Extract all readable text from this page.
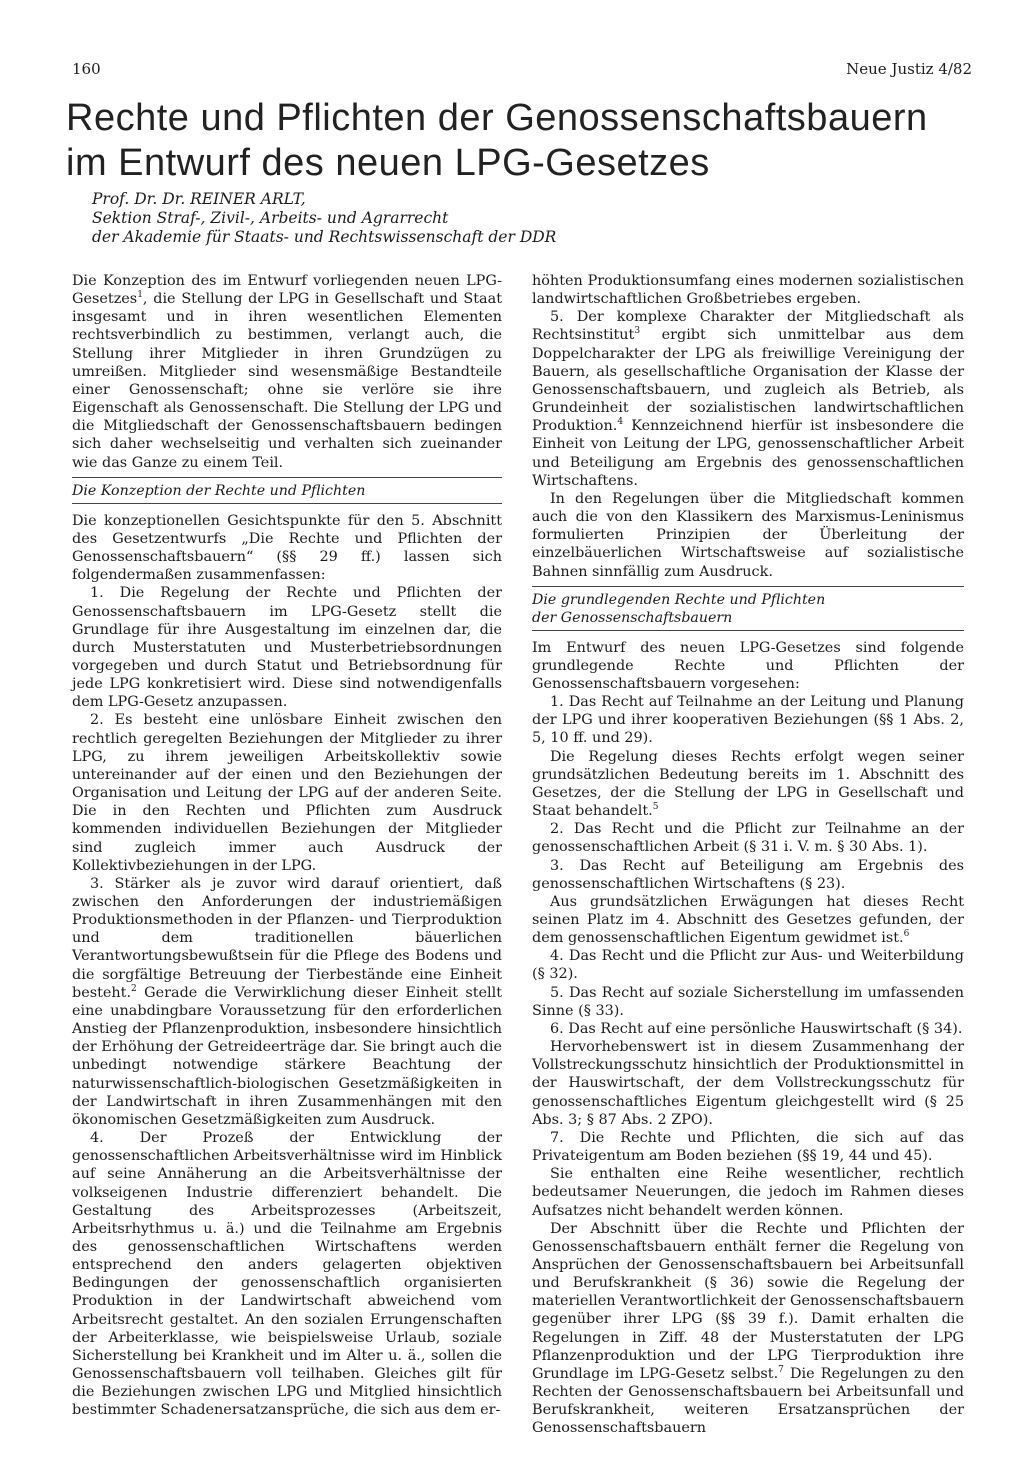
160	Neue Justiz 4/82
Rechte und Pflichten der Genossenschaftsbauern
im Entwurf des neuen LPG-Gesetzes
Prof. Dr. Dr. REINER ARLT,
Sektion Straf-, Zivil-, Arbeits- und Agrarrecht
der Akademie für Staats- und Rechtswissenschaft der DDR

Die Konzeption des im Entwurf vorliegenden neuen LPG-Gesetzes$^1$, die Stellung der LPG in Gesellschaft und Staat insgesamt und in ihren wesentlichen Elementen rechtsverbindlich zu bestimmen, verlangt auch, die Stellung ihrer Mitglieder in ihren Grundzügen zu umreißen. Mitglieder sind wesensmäßige Bestandteile einer Genossenschaft; ohne sie verlöre sie ihre Eigenschaft als Genossenschaft. Die Stellung der LPG und die Mitgliedschaft der Genossenschaftsbauern bedingen sich daher wechselseitig und verhalten sich zueinander wie das Ganze zu einem Teil.

Die Konzeption der Rechte und Pflichten

Die konzeptionellen Gesichtspunkte für den 5. Abschnitt des Gesetzentwurfs „Die Rechte und Pflichten der Genossenschaftsbauern“ (§§ 29 ff.) lassen sich folgendermaßen zusammenfassen:

1. Die Regelung der Rechte und Pflichten der Genossenschaftsbauern im LPG-Gesetz stellt die Grundlage für ihre Ausgestaltung im einzelnen dar, die durch Musterstatuten und Musterbetriebsordnungen vorgegeben und durch Statut und Betriebsordnung für jede LPG konkretisiert wird. Diese sind notwendigenfalls dem LPG-Gesetz anzupassen.

2. Es besteht eine unlösbare Einheit zwischen den rechtlich geregelten Beziehungen der Mitglieder zu ihrer LPG, zu ihrem jeweiligen Arbeitskollektiv sowie untereinander auf der einen und den Beziehungen der Organisation und Leitung der LPG auf der anderen Seite. Die in den Rechten und Pflichten zum Ausdruck kommenden individuellen Beziehungen der Mitglieder sind zugleich immer auch Ausdruck der Kollektivbeziehungen in der LPG.

3. Stärker als je zuvor wird darauf orientiert, daß zwischen den Anforderungen der industriemäßigen Produktionsmethoden in der Pflanzen- und Tierproduktion und dem traditionellen bäuerlichen Verantwortungsbewußtsein für die Pflege des Bodens und die sorgfältige Betreuung der Tierbestände eine Einheit besteht.$^2$ Gerade die Verwirklichung dieser Einheit stellt eine unabdingbare Voraussetzung für den erforderlichen Anstieg der Pflanzenproduktion, insbesondere hinsichtlich der Erhöhung der Getreideerträge dar. Sie bringt auch die unbedingt notwendige stärkere Beachtung der naturwissenschaftlich-biologischen Gesetzmäßigkeiten in der Landwirtschaft in ihren Zusammenhängen mit den ökonomischen Gesetzmäßigkeiten zum Ausdruck.

4. Der Prozeß der Entwicklung der genossenschaftlichen Arbeitsverhältnisse wird im Hinblick auf seine Annäherung an die Arbeitsverhältnisse der volkseigenen Industrie differenziert behandelt. Die Gestaltung des Arbeitsprozesses (Arbeitszeit, Arbeitsrhythmus u. ä.) und die Teilnahme am Ergebnis des genossenschaftlichen Wirtschaftens werden entsprechend den anders gelagerten objektiven Bedingungen der genossenschaftlich organisierten Produktion in der Landwirtschaft abweichend vom Arbeitsrecht gestaltet. An den sozialen Errungenschaften der Arbeiterklasse, wie beispielsweise Urlaub, soziale Sicherstellung bei Krankheit und im Alter u. ä., sollen die Genossenschaftsbauern voll teilhaben. Gleiches gilt für die Beziehungen zwischen LPG und Mitglied hinsichtlich bestimmter Schadenersatzansprüche, die sich aus dem er-

höhten Produktionsumfang eines modernen sozialistischen landwirtschaftlichen Großbetriebes ergeben.

5. Der komplexe Charakter der Mitgliedschaft als Rechtsinstitut$^3$ ergibt sich unmittelbar aus dem Doppelcharakter der LPG als freiwillige Vereinigung der Bauern, als gesellschaftliche Organisation der Klasse der Genossenschaftsbauern, und zugleich als Betrieb, als Grundeinheit der sozialistischen landwirtschaftlichen Produktion.$^4$ Kennzeichnend hierfür ist insbesondere die Einheit von Leitung der LPG, genossenschaftlicher Arbeit und Beteiligung am Ergebnis des genossenschaftlichen Wirtschaftens.

In den Regelungen über die Mitgliedschaft kommen auch die von den Klassikern des Marxismus-Leninismus formulierten Prinzipien der Überleitung der einzelbäuerlichen Wirtschaftsweise auf sozialistische Bahnen sinnfällig zum Ausdruck.

Die grundlegenden Rechte und Pflichten
der Genossenschaftsbauern

Im Entwurf des neuen LPG-Gesetzes sind folgende grundlegende Rechte und Pflichten der Genossenschaftsbauern vorgesehen:

1. Das Recht auf Teilnahme an der Leitung und Planung der LPG und ihrer kooperativen Beziehungen (§§ 1 Abs. 2, 5, 10 ff. und 29).

Die Regelung dieses Rechts erfolgt wegen seiner grundsätzlichen Bedeutung bereits im 1. Abschnitt des Gesetzes, der die Stellung der LPG in Gesellschaft und Staat behandelt.$^5$

2. Das Recht und die Pflicht zur Teilnahme an der genossenschaftlichen Arbeit (§ 31 i. V. m. § 30 Abs. 1).

3. Das Recht auf Beteiligung am Ergebnis des genossenschaftlichen Wirtschaftens (§ 23).

Aus grundsätzlichen Erwägungen hat dieses Recht seinen Platz im 4. Abschnitt des Gesetzes gefunden, der dem genossenschaftlichen Eigentum gewidmet ist.$^6$

4. Das Recht und die Pflicht zur Aus- und Weiterbildung (§ 32).

5. Das Recht auf soziale Sicherstellung im umfassenden Sinne (§ 33).

6. Das Recht auf eine persönliche Hauswirtschaft (§ 34).

Hervorhebenswert ist in diesem Zusammenhang der Vollstreckungsschutz hinsichtlich der Produktionsmittel in der Hauswirtschaft, der dem Vollstreckungsschutz für genossenschaftliches Eigentum gleichgestellt wird (§ 25 Abs. 3; § 87 Abs. 2 ZPO).

7. Die Rechte und Pflichten, die sich auf das Privateigentum am Boden beziehen (§§ 19, 44 und 45).

Sie enthalten eine Reihe wesentlicher, rechtlich bedeutsamer Neuerungen, die jedoch im Rahmen dieses Aufsatzes nicht behandelt werden können.

Der Abschnitt über die Rechte und Pflichten der Genossenschaftsbauern enthält ferner die Regelung von Ansprüchen der Genossenschaftsbauern bei Arbeitsunfall und Berufskrankheit (§ 36) sowie die Regelung der materiellen Verantwortlichkeit der Genossenschaftsbauern gegenüber ihrer LPG (§§ 39 f.). Damit erhalten die Regelungen in Ziff. 48 der Musterstatuten der LPG Pflanzenproduktion und der LPG Tierproduktion ihre Grundlage im LPG-Gesetz selbst.$^7$ Die Regelungen zu den Rechten der Genossenschaftsbauern bei Arbeitsunfall und Berufskrankheit, weiteren Ersatzansprüchen der Genossenschaftsbauern
